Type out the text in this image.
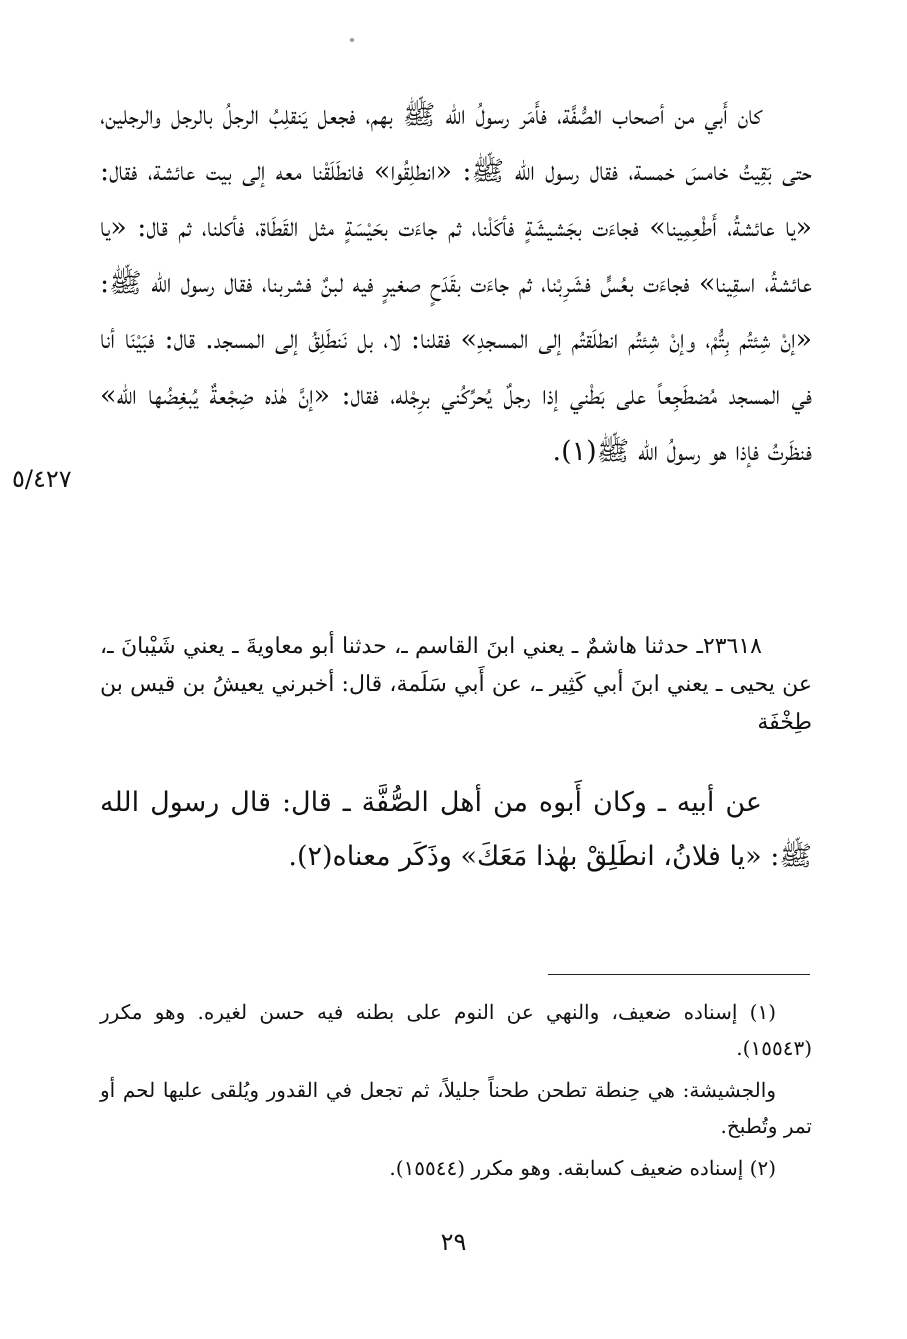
كان أَبي من أصحاب الصُّفَّة، فأَمَر رسولُ الله ﷺ بهم، فجعل يَنقلِبُ الرجلُ بالرجل والرجلين، حتى بَقِيتُ خامسَ خمسة، فقال رسول الله ﷺ: «انطلِقُوا» فانطَلَقْنا معه إلى بيت عائشة، فقال: «يا عائشةُ، أَطْعِمِينا» فجاءَت بجَشيشَةٍ فأكَلْنا، ثم جاءَت بحَيْسَةٍ مثل القَطَاة، فأكلنا، ثم قال: «يا عائشةُ، اسقِينا» فجاءَت بعُسٍّ فشَرِبْنا، ثم جاءَت بقَدَحٍ صغيرٍ فيه لبنٌ فشربنا، فقال رسول الله ﷺ: «إنْ شِئتُم بِتُّمْ، وإنْ شِئتُم انطلَقتُم إلى المسجدِ» فقلنا: لا، بل نَنطَلِقُ إلى المسجد. قال: فبَيْنَا أنا في المسجد مُضطَجِعاً على بَطْني إذا رجلٌ يُحرِّكُني برِجْله، فقال: «إنَّ هٰذه ضِجْعةٌ يُبغِضُها الله» فنظَرتُ فإذا هو رسولُ الله ﷺ(١).

٥/٤٢٧

٢٣٦١٨ـ حدثنا هاشمٌ ـ يعني ابنَ القاسم ـ، حدثنا أبو معاويةَ ـ يعني شَيْبانَ ـ، عن يحيى ـ يعني ابنَ أبي كَثِير ـ، عن أَبي سَلَمة، قال: أخبرني يعيشُ بن قيس بن طِخْفَة

عن أبيه ـ وكان أَبوه من أهل الصُّفَّة ـ قال: قال رسول الله ﷺ: «يا فلانُ، انطَلِقْ بهٰذا مَعَكَ» وذَكَر معناه(٢).

(١) إسناده ضعيف، والنهي عن النوم على بطنه فيه حسن لغيره. وهو مكرر (١٥٥٤٣).

والجشيشة: هي حِنطة تطحن طحناً جليلاً، ثم تجعل في القدور ويُلقى عليها لحم أو تمر وتُطبخ.

(٢) إسناده ضعيف كسابقه. وهو مكرر (١٥٥٤٤).

٢٩
